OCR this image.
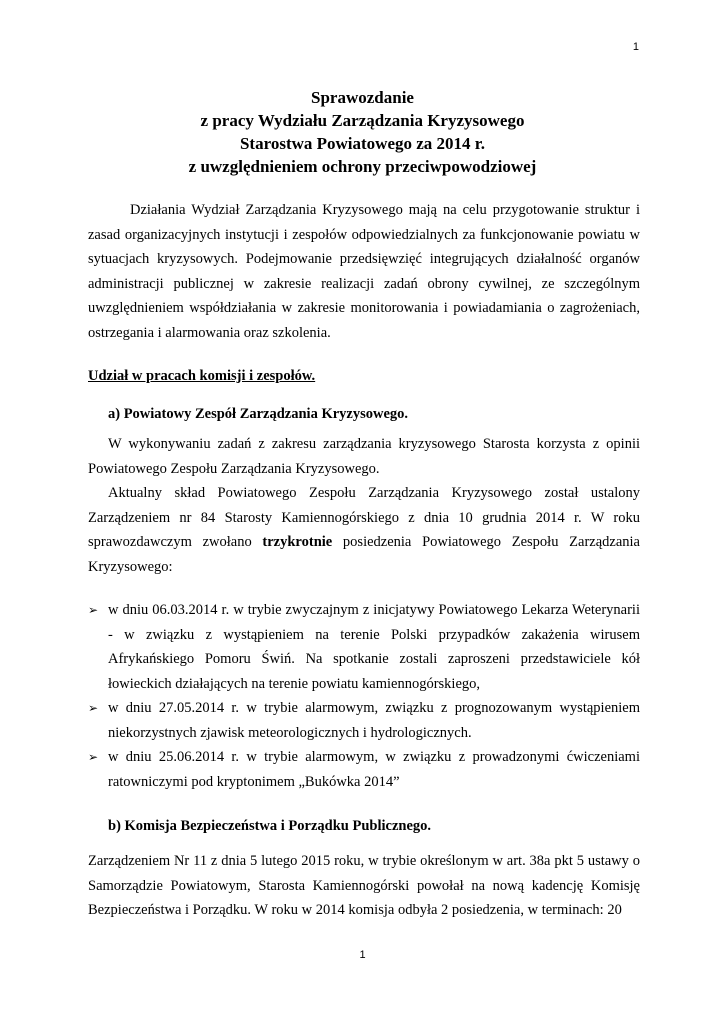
1
Sprawozdanie
z pracy Wydziału Zarządzania Kryzysowego
Starostwa Powiatowego za 2014 r.
z uwzględnieniem ochrony przeciwpowodziowej

Działania Wydział Zarządzania Kryzysowego mają na celu przygotowanie struktur i zasad organizacyjnych instytucji i zespołów odpowiedzialnych za funkcjonowanie powiatu w sytuacjach kryzysowych. Podejmowanie przedsięwzięć integrujących działalność organów administracji publicznej w zakresie realizacji zadań obrony cywilnej, ze szczególnym uwzględnieniem współdziałania w zakresie monitorowania i powiadamiania o zagrożeniach, ostrzegania i alarmowania oraz szkolenia.

Udział w pracach komisji i zespołów.
a) Powiatowy Zespół Zarządzania Kryzysowego.

W wykonywaniu zadań z zakresu zarządzania kryzysowego Starosta korzysta z opinii Powiatowego Zespołu Zarządzania Kryzysowego.

Aktualny skład Powiatowego Zespołu Zarządzania Kryzysowego został ustalony Zarządzeniem nr 84 Starosty Kamiennogórskiego z dnia 10 grudnia 2014 r. W roku sprawozdawczym zwołano trzykrotnie posiedzenia Powiatowego Zespołu Zarządzania Kryzysowego:

➢ w dniu 06.03.2014 r. w trybie zwyczajnym z inicjatywy Powiatowego Lekarza Weterynarii - w związku z wystąpieniem na terenie Polski przypadków zakażenia wirusem Afrykańskiego Pomoru Świń. Na spotkanie zostali zaproszeni przedstawiciele kół łowieckich działających na terenie powiatu kamiennogórskiego,
➢ w dniu 27.05.2014 r. w trybie alarmowym, związku z prognozowanym wystąpieniem niekorzystnych zjawisk meteorologicznych i hydrologicznych.
➢ w dniu 25.06.2014 r. w trybie alarmowym, w związku z prowadzonymi ćwiczeniami ratowniczymi pod kryptonimem „Bukówka 2014”
b) Komisja Bezpieczeństwa i Porządku Publicznego.

Zarządzeniem Nr 11 z dnia 5 lutego 2015 roku, w trybie określonym w art. 38a pkt 5 ustawy o Samorządzie Powiatowym, Starosta Kamiennogórski powołał na nową kadencję Komisję Bezpieczeństwa i Porządku. W roku w 2014 komisja odbyła 2 posiedzenia, w terminach: 20

1
